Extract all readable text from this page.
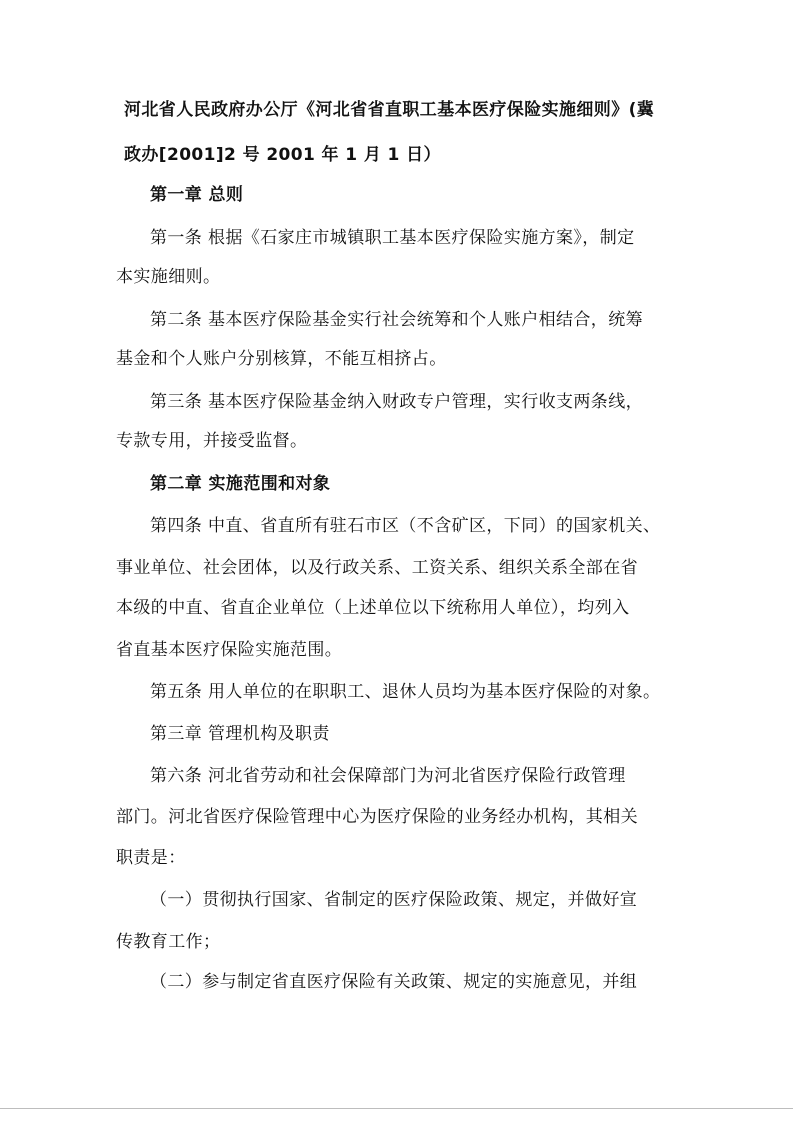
河北省人民政府办公厅《河北省省直职工基本医疗保险实施细则》(冀
政办[2001]2 号 2001 年 1 月 1 日）
第一章 总则
第一条 根据《石家庄市城镇职工基本医疗保险实施方案》，制定
本实施细则。
第二条 基本医疗保险基金实行社会统筹和个人账户相结合，统筹
基金和个人账户分别核算，不能互相挤占。
第三条 基本医疗保险基金纳入财政专户管理，实行收支两条线，
专款专用，并接受监督。
第二章 实施范围和对象
第四条 中直、省直所有驻石市区（不含矿区，下同）的国家机关、
事业单位、社会团体，以及行政关系、工资关系、组织关系全部在省
本级的中直、省直企业单位（上述单位以下统称用人单位），均列入
省直基本医疗保险实施范围。
第五条 用人单位的在职职工、退休人员均为基本医疗保险的对象。
第三章 管理机构及职责
第六条 河北省劳动和社会保障部门为河北省医疗保险行政管理
部门。河北省医疗保险管理中心为医疗保险的业务经办机构，其相关
职责是：
（一）贯彻执行国家、省制定的医疗保险政策、规定，并做好宣
传教育工作；
（二）参与制定省直医疗保险有关政策、规定的实施意见，并组
